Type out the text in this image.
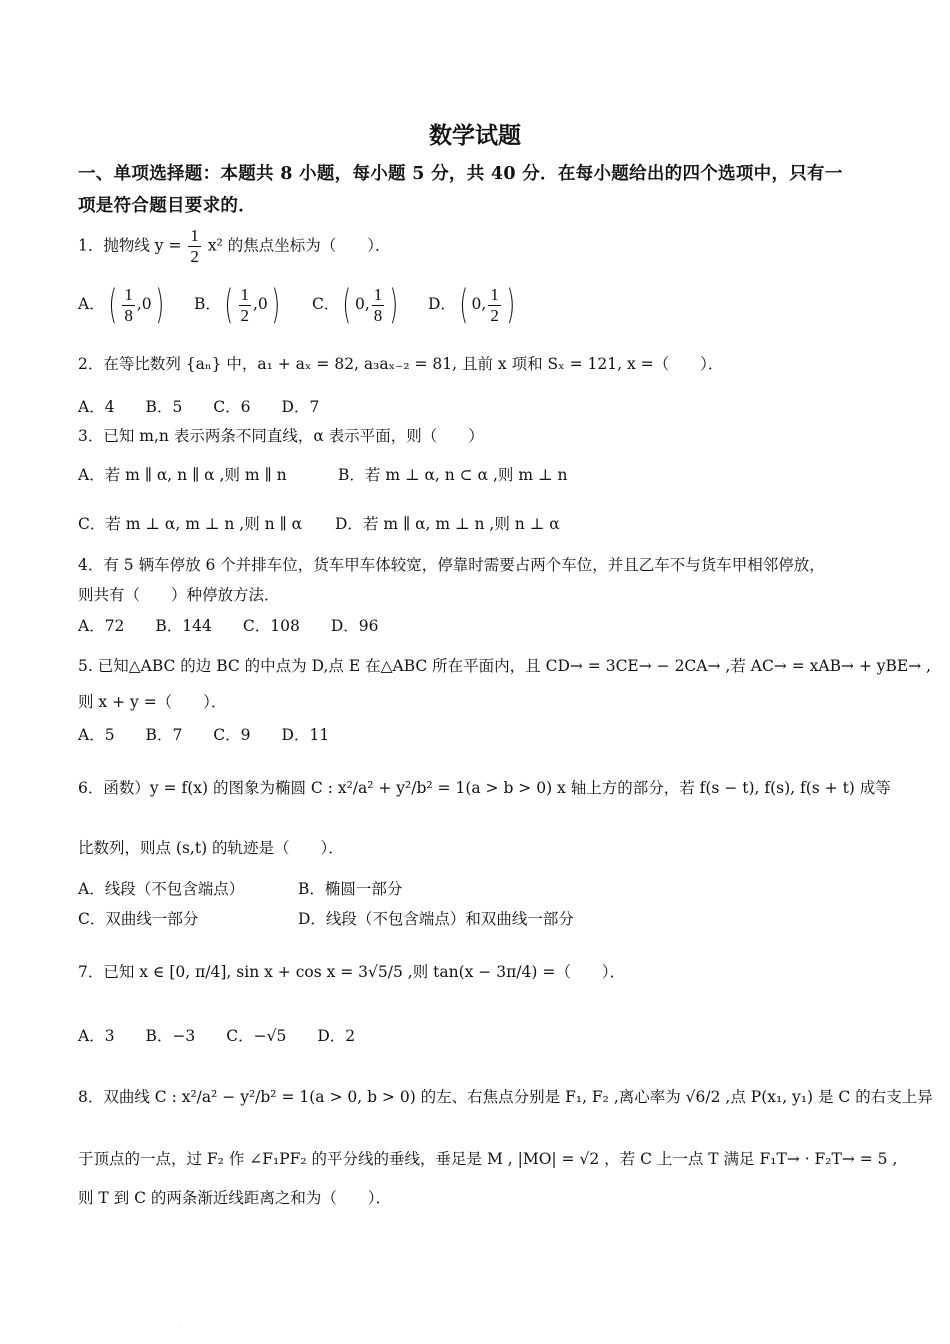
数学试题
一、单项选择题：本题共 8 小题，每小题 5 分，共 40 分．在每小题给出的四个选项中，只有一
项是符合题目要求的．
1．抛物线 $y = \frac{1}{2} x^2$ 的焦点坐标为（　　）．
A．( $\frac{1}{8} ,0$) B．( $\frac{1}{2} ,0$) C．( 0, $\frac{1}{8}$ ) D．( 0, $\frac{1}{2}$ )
2．在等比数列 {aₙ} 中，a₁ + aₓ = 82, a₃aₓ₋₂ = 81, 且前 x 项和 Sₓ = 121, x =（　　）．
A．4　　B．5　　C．6　　D．7
3．已知 m,n 表示两条不同直线，α 表示平面，则（　　）
A．若 m ∥ α, n ∥ α ,则 m ∥ n	B．若 m ⊥ α, n ⊂ α ,则 m ⊥ n
C．若 m ⊥ α, m ⊥ n ,则 n ∥ α D．若 m ∥ α, m ⊥ n ,则 n ⊥ α
4．有 5 辆车停放 6 个并排车位，货车甲车体较宽，停靠时需要占两个车位，并且乙车不与货车甲相邻停放，
则共有（　　）种停放方法．
A．72　　B．144　　C．108　　D．96
5. 已知△ABC 的边 BC 的中点为 D,点 E 在△ABC 所在平面内，且 CD→ = 3CE→ − 2CA→ ,若 AC→ = xAB→ + yBE→ ,
则 x + y =（　　）．
A．5　　B．7　　C．9　　D．11
6．函数）y = f(x) 的图象为椭圆 C : x²/a² + y²/b² = 1(a > b > 0) x 轴上方的部分，若 f(s − t), f(s), f(s + t) 成等
比数列，则点 (s,t) 的轨迹是（　　）．
A．线段（不包含端点）	B．椭圆一部分
C．双曲线一部分	D．线段（不包含端点）和双曲线一部分
7．已知 x ∈ [0, π/4], sin x + cos x = 3√5/5 ,则 tan(x − 3π/4) =（　　）．
A．3　　B．−3　　C．−√5　　D．2
8．双曲线 C : x²/a² − y²/b² = 1(a > 0, b > 0) 的左、右焦点分别是 F₁, F₂ ,离心率为 √6/2 ,点 P(x₁, y₁) 是 C 的右支上异
于顶点的一点，过 F₂ 作 ∠F₁PF₂ 的平分线的垂线，垂足是 M , |MO| = √2 ，若 C 上一点 T 满足 F₁T→ · F₂T→ = 5 ,
则 T 到 C 的两条渐近线距离之和为（　　）．
.
